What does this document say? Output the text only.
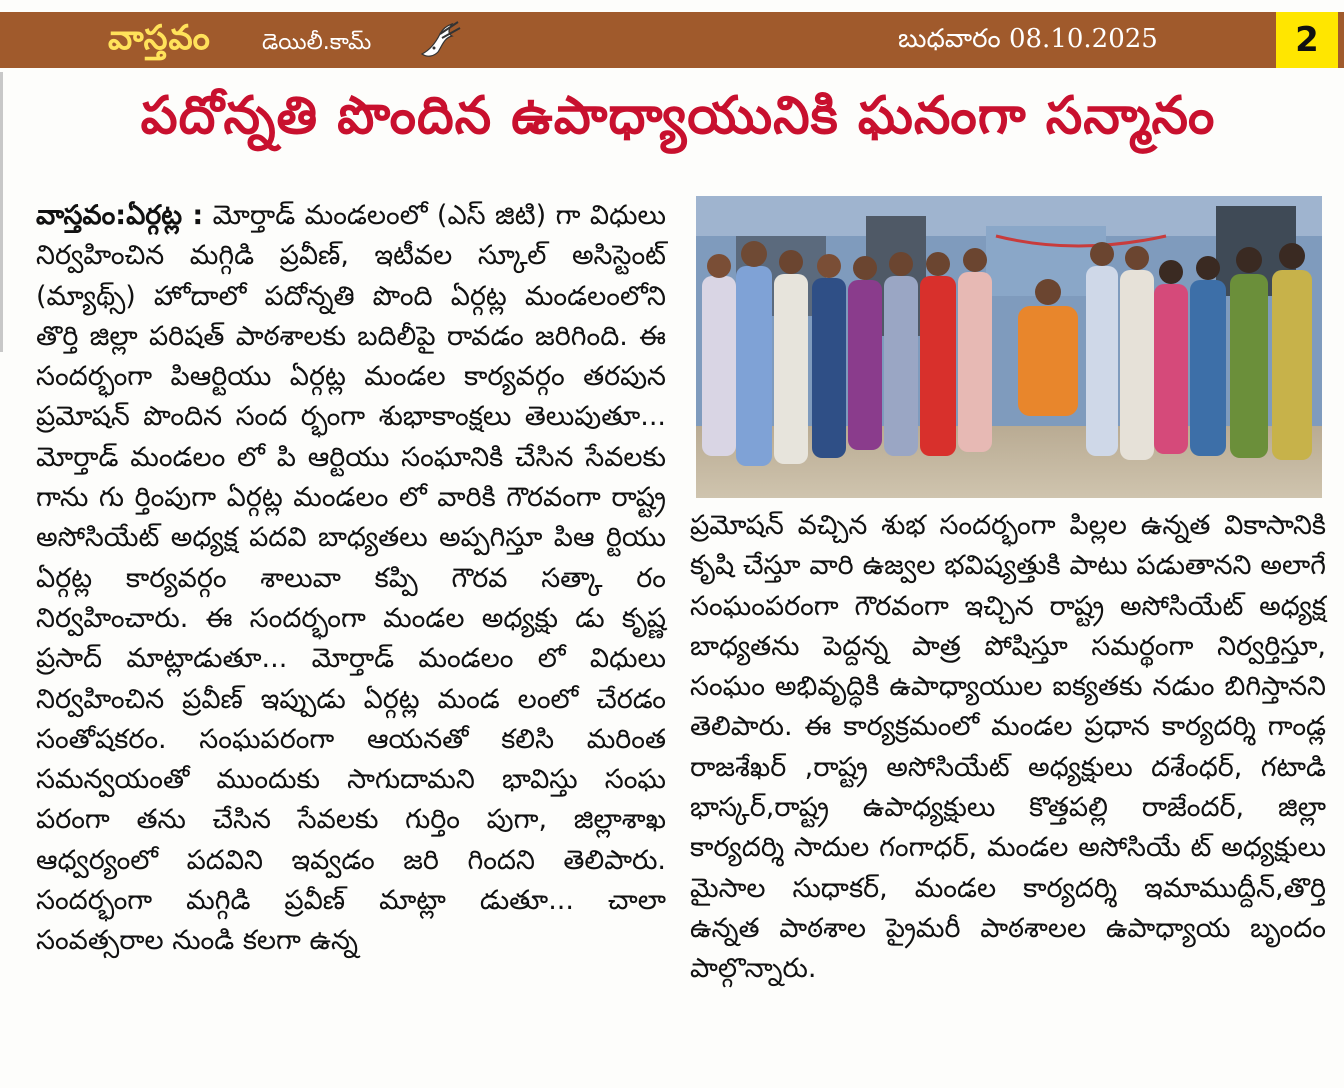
వాస్తవం డెయిలీ.కామ్	బుధవారం 08.10.2025	2
పదోన్నతి పొందిన ఉపాధ్యాయునికి ఘనంగా సన్మానం
వాస్తవం:ఏర్గట్ల : మోర్తాడ్ మండలంలో (ఎస్ జిటి) గా విధులు నిర్వహించిన మగ్గిడి ప్రవీణ్, ఇటీవల స్కూల్ అసిస్టెంట్ (మ్యాథ్స్) హోదాలో పదోన్నతి పొంది ఏర్గట్ల మండలంలోని తొర్తి జిల్లా పరిషత్ పాఠశాలకు బదిలీపై రావడం జరిగింది. ఈ సందర్భంగా పిఆర్టియు ఏర్గట్ల మండల కార్యవర్గం తరపున ప్రమోషన్ పొందిన సంద ర్భంగా శుభాకాంక్షలు తెలుపుతూ... మోర్తాడ్ మండలం లో పి ఆర్టియు సంఘానికి చేసిన సేవలకు గాను గు ర్తింపుగా ఏర్గట్ల మండలం లో వారికి గౌరవంగా రాష్ట్ర అసోసియేట్ అధ్యక్ష పదవి బాధ్యతలు అప్పగిస్తూ పిఆ ర్టియు ఏర్గట్ల కార్యవర్గం శాలువా కప్పి గౌరవ సత్కా రం నిర్వహించారు. ఈ సందర్భంగా మండల అధ్యక్షు డు కృష్ణ ప్రసాద్ మాట్లాడుతూ... మోర్తాడ్ మండలం లో విధులు నిర్వహించిన ప్రవీణ్ ఇప్పుడు ఏర్గట్ల మండ లంలో చేరడం సంతోషకరం. సంఘపరంగా ఆయనతో కలిసి మరింత సమన్వయంతో ముందుకు సాగుదామని భావిస్తు సంఘ పరంగా తను చేసిన సేవలకు గుర్తిం పుగా, జిల్లాశాఖ ఆధ్వర్యంలో పదవిని ఇవ్వడం జరి గిందని తెలిపారు. సందర్భంగా మగ్గిడి ప్రవీణ్ మాట్లా డుతూ... చాలా సంవత్సరాల నుండి కలగా ఉన్న
ప్రమోషన్ వచ్చిన శుభ సందర్భంగా పిల్లల ఉన్నత వికాసానికి కృషి చేస్తూ వారి ఉజ్వల భవిష్యత్తుకి పాటు పడుతానని అలాగే సంఘంపరంగా గౌరవంగా ఇచ్చిన రాష్ట్ర అసోసియేట్ అధ్యక్ష బాధ్యతను పెద్దన్న పాత్ర పోషిస్తూ సమర్థంగా నిర్వర్తిస్తూ, సంఘం అభివృద్ధికి ఉపాధ్యాయుల ఐక్యతకు నడుం బిగిస్తానని తెలిపారు. ఈ కార్యక్రమంలో మండల ప్రధాన కార్యదర్శి గాండ్ల రాజశేఖర్ ,రాష్ట్ర అసోసియేట్ అధ్యక్షులు దశేంధర్, గటాడి భాస్కర్,రాష్ట్ర ఉపాధ్యక్షులు కొత్తపల్లి రాజేందర్, జిల్లా కార్యదర్శి సాదుల గంగాధర్, మండల అసోసియే ట్ అధ్యక్షులు మైసాల సుధాకర్, మండల కార్యదర్శి ఇమాముద్దీన్,తొర్తి ఉన్నత పాఠశాల ప్రైమరీ పాఠశాలల ఉపాధ్యాయ బృందం పాల్గొన్నారు.
